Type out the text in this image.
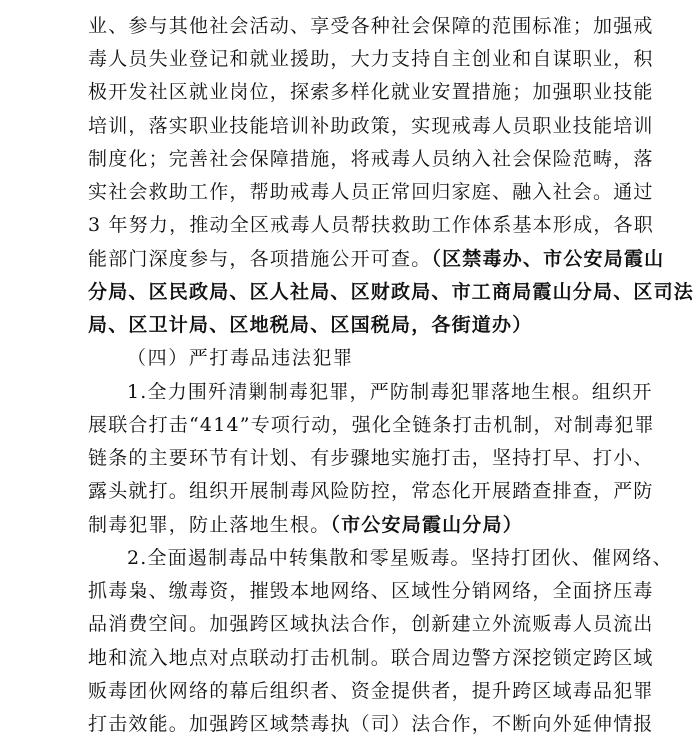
业、参与其他社会活动、享受各种社会保障的范围标准；加强戒
毒人员失业登记和就业援助，大力支持自主创业和自谋职业，积
极开发社区就业岗位，探索多样化就业安置措施；加强职业技能
培训，落实职业技能培训补助政策，实现戒毒人员职业技能培训
制度化；完善社会保障措施，将戒毒人员纳入社会保险范畴，落
实社会救助工作，帮助戒毒人员正常回归家庭、融入社会。通过
3 年努力，推动全区戒毒人员帮扶救助工作体系基本形成，各职
能部门深度参与，各项措施公开可查。（区禁毒办、市公安局霞山
分局、区民政局、区人社局、区财政局、市工商局霞山分局、区司法
局、区卫计局、区地税局、区国税局，各街道办）
（四）严打毒品违法犯罪
1.全力围歼清剿制毒犯罪，严防制毒犯罪落地生根。组织开
展联合打击“414”专项行动，强化全链条打击机制，对制毒犯罪
链条的主要环节有计划、有步骤地实施打击，坚持打早、打小、
露头就打。组织开展制毒风险防控，常态化开展踏查排查，严防
制毒犯罪，防止落地生根。（市公安局霞山分局）
2.全面遏制毒品中转集散和零星贩毒。坚持打团伙、催网络、
抓毒枭、缴毒资，摧毁本地网络、区域性分销网络，全面挤压毒
品消费空间。加强跨区域执法合作，创新建立外流贩毒人员流出
地和流入地点对点联动打击机制。联合周边警方深挖锁定跨区域
贩毒团伙网络的幕后组织者、资金提供者，提升跨区域毒品犯罪
打击效能。加强跨区域禁毒执（司）法合作，不断向外延伸情报
